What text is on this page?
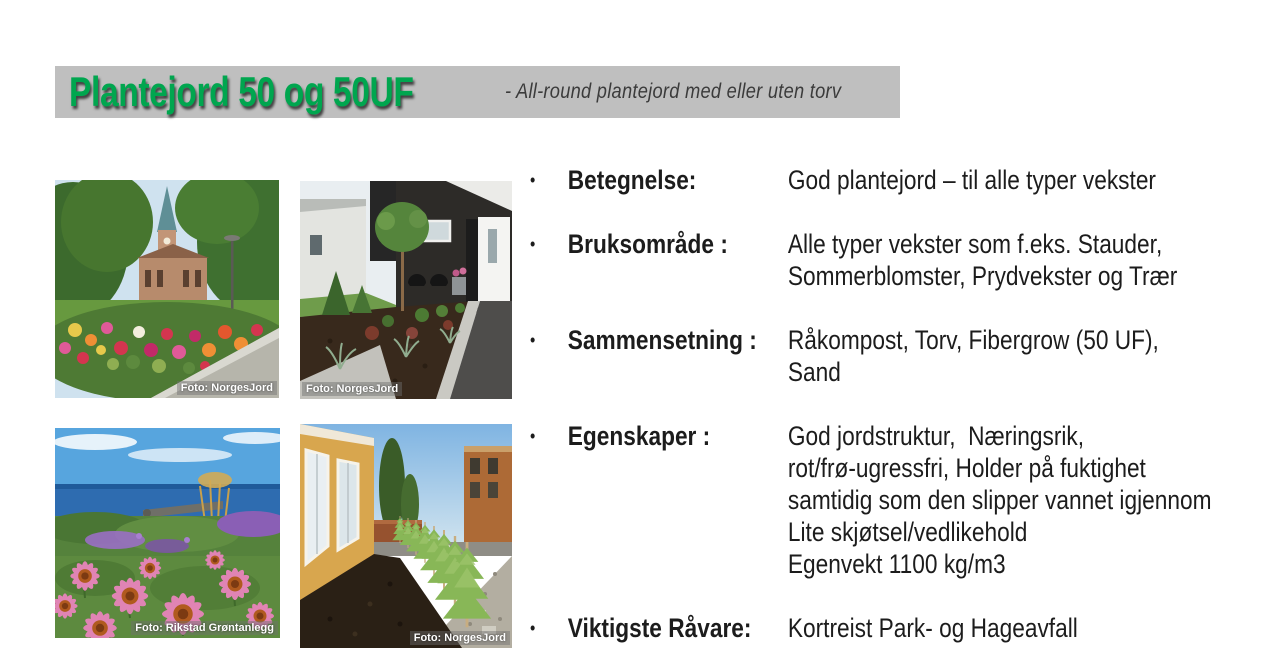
Plantejord 50 og 50UF	- All-round plantejord med eller uten torv
Foto: NorgesJord	Foto: NorgesJord
Foto: Rikstad Grøntanlegg
Foto: NorgesJord
•	Betegnelse:	God plantejord – til alle typer vekster
•	Bruksområde :	Alle typer vekster som f.eks. Stauder,
Sommerblomster, Prydvekster og Trær
•	Sammensetning :	Råkompost, Torv, Fibergrow (50 UF),
Sand
•	Egenskaper :	God jordstruktur,  Næringsrik,
rot/frø-ugressfri, Holder på fuktighet
samtidig som den slipper vannet igjennom
Lite skjøtsel/vedlikehold
Egenvekt 1100 kg/m3
•	Viktigste Råvare:	Kortreist Park- og Hageavfall
